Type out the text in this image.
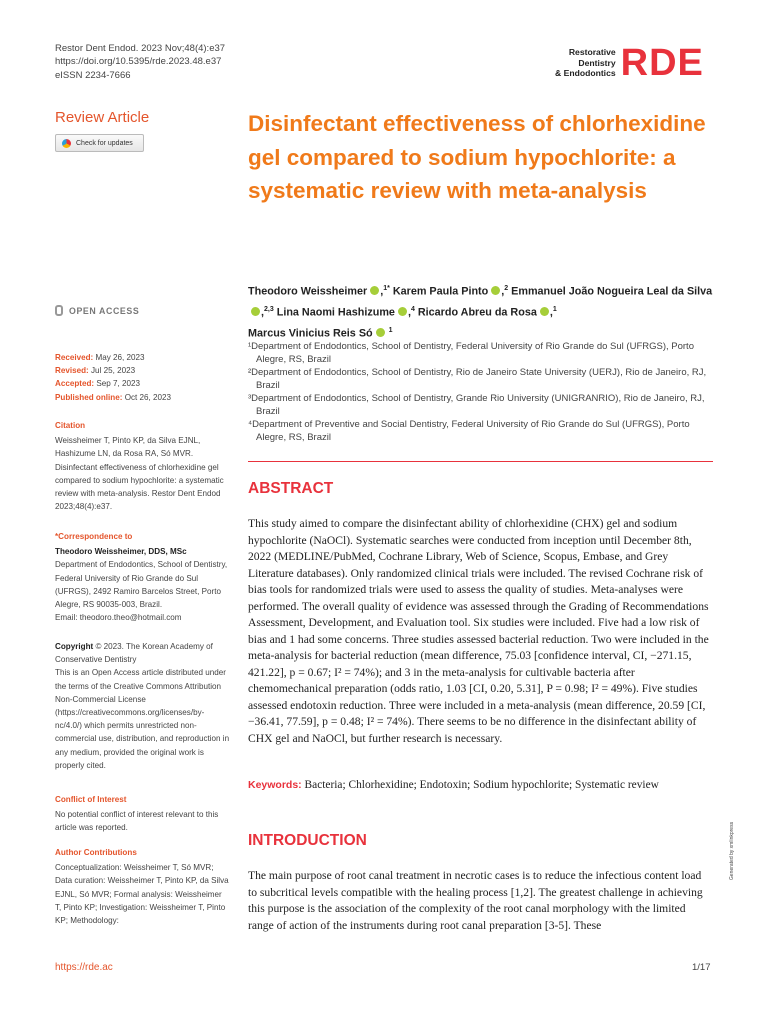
Restor Dent Endod. 2023 Nov;48(4):e37
https://doi.org/10.5395/rde.2023.48.e37
eISSN 2234-7666
Restorative
Dentistry
& Endodontics RDE
Review Article
Check for updates
Disinfectant effectiveness of chlorhexidine gel compared to sodium hypochlorite: a systematic review with meta-analysis
Theodoro Weissheimer ,$^{1*}$ Karem Paula Pinto ,$^2$ Emmanuel João Nogueira Leal da Silva,$^{2,3}$ Lina Naomi Hashizume ,$^4$ Ricardo Abreu da Rosa ,$^1$
Marcus Vinicius Reis Só $^1$
OPEN ACCESS

¹Department of Endodontics, School of Dentistry, Federal University of Rio Grande do Sul (UFRGS), Porto Alegre, RS, Brazil

²Department of Endodontics, School of Dentistry, Rio de Janeiro State University (UERJ), Rio de Janeiro, RJ, Brazil

³Department of Endodontics, School of Dentistry, Grande Rio University (UNIGRANRIO), Rio de Janeiro, RJ, Brazil

⁴Department of Preventive and Social Dentistry, Federal University of Rio Grande do Sul (UFRGS), Porto Alegre, RS, Brazil

Received: May 26, 2023
Revised: Jul 25, 2023
Accepted: Sep 7, 2023
Published online: Oct 26, 2023
Citation
Weissheimer T, Pinto KP, da Silva EJNL, Hashizume LN, da Rosa RA, Só MVR. Disinfectant effectiveness of chlorhexidine gel compared to sodium hypochlorite: a systematic review with meta-analysis. Restor Dent Endod 2023;48(4):e37.
*Correspondence to
Theodoro Weissheimer, DDS, MSc
Department of Endodontics, School of Dentistry, Federal University of Rio Grande do Sul (UFRGS), 2492 Ramiro Barcelos Street, Porto Alegre, RS 90035-003, Brazil.
Email: theodoro.theo@hotmail.com
Copyright © 2023. The Korean Academy of Conservative Dentistry
This is an Open Access article distributed under the terms of the Creative Commons Attribution Non-Commercial License (https://creativecommons.org/licenses/by-nc/4.0/) which permits unrestricted non-commercial use, distribution, and reproduction in any medium, provided the original work is properly cited.
Conflict of Interest
No potential conflict of interest relevant to this article was reported.
Author Contributions
Conceptualization: Weissheimer T, Só MVR; Data curation: Weissheimer T, Pinto KP, da Silva EJNL, Só MVR; Formal analysis: Weissheimer T, Pinto KP; Investigation: Weissheimer T, Pinto KP; Methodology:
ABSTRACT
This study aimed to compare the disinfectant ability of chlorhexidine (CHX) gel and sodium hypochlorite (NaOCl). Systematic searches were conducted from inception until December 8th, 2022 (MEDLINE/PubMed, Cochrane Library, Web of Science, Scopus, Embase, and Grey Literature databases). Only randomized clinical trials were included. The revised Cochrane risk of bias tools for randomized trials were used to assess the quality of studies. Meta-analyses were performed. The overall quality of evidence was assessed through the Grading of Recommendations Assessment, Development, and Evaluation tool. Six studies were included. Five had a low risk of bias and 1 had some concerns. Three studies assessed bacterial reduction. Two were included in the meta-analysis for bacterial reduction (mean difference, 75.03 [confidence interval, CI, −271.15, 421.22], p = 0.67; I² = 74%); and 3 in the meta-analysis for cultivable bacteria after chemomechanical preparation (odds ratio, 1.03 [CI, 0.20, 5.31], P = 0.98; I² = 49%). Five studies assessed endotoxin reduction. Three were included in a meta-analysis (mean difference, 20.59 [CI, −36.41, 77.59], p = 0.48; I² = 74%). There seems to be no difference in the disinfectant ability of CHX gel and NaOCl, but further research is necessary.
Keywords: Bacteria; Chlorhexidine; Endotoxin; Sodium hypochlorite; Systematic review
INTRODUCTION
The main purpose of root canal treatment in necrotic cases is to reduce the infectious content load to subcritical levels compatible with the healing process [1,2]. The greatest challenge in achieving this purpose is the association of the complexity of the root canal morphology with the limited range of action of the instruments during root canal preparation [3-5]. These
https://rde.ac	1/17
Generated by xmlinkpress
